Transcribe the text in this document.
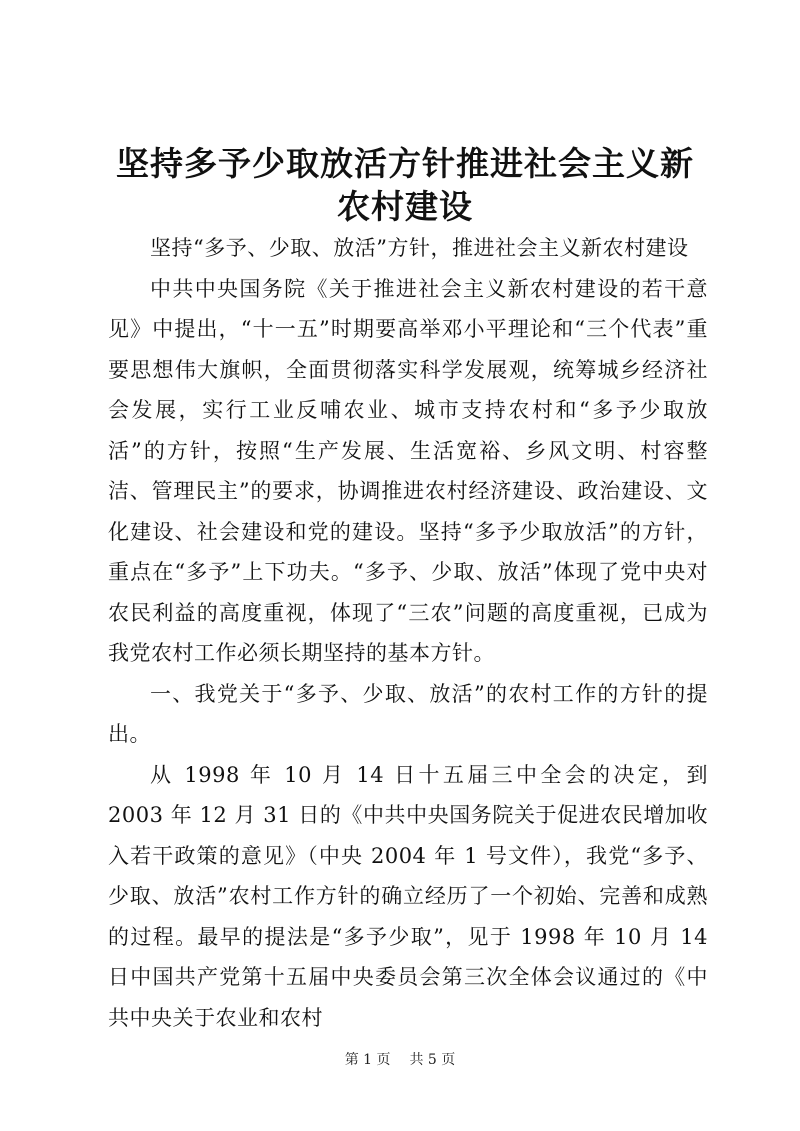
坚持多予少取放活方针推进社会主义新农村建设

坚持“多予、少取、放活”方针，推进社会主义新农村建设

中共中央国务院《关于推进社会主义新农村建设的若干意见》中提出，“十一五”时期要高举邓小平理论和“三个代表”重要思想伟大旗帜，全面贯彻落实科学发展观，统筹城乡经济社会发展，实行工业反哺农业、城市支持农村和“多予少取放活”的方针，按照“生产发展、生活宽裕、乡风文明、村容整洁、管理民主”的要求，协调推进农村经济建设、政治建设、文化建设、社会建设和党的建设。坚持“多予少取放活”的方针，重点在“多予”上下功夫。“多予、少取、放活”体现了党中央对农民利益的高度重视，体现了“三农”问题的高度重视，已成为我党农村工作必须长期坚持的基本方针。

一、我党关于“多予、少取、放活”的农村工作的方针的提出。

从 1998 年 10 月 14 日十五届三中全会的决定，到 2003 年 12 月 31 日的《中共中央国务院关于促进农民增加收入若干政策的意见》（中央 2004 年 1 号文件），我党“多予、少取、放活”农村工作方针的确立经历了一个初始、完善和成熟的过程。最早的提法是“多予少取”，见于 1998 年 10 月 14 日中国共产党第十五届中央委员会第三次全体会议通过的《中共中央关于农业和农村

第 1 页 共 5 页
